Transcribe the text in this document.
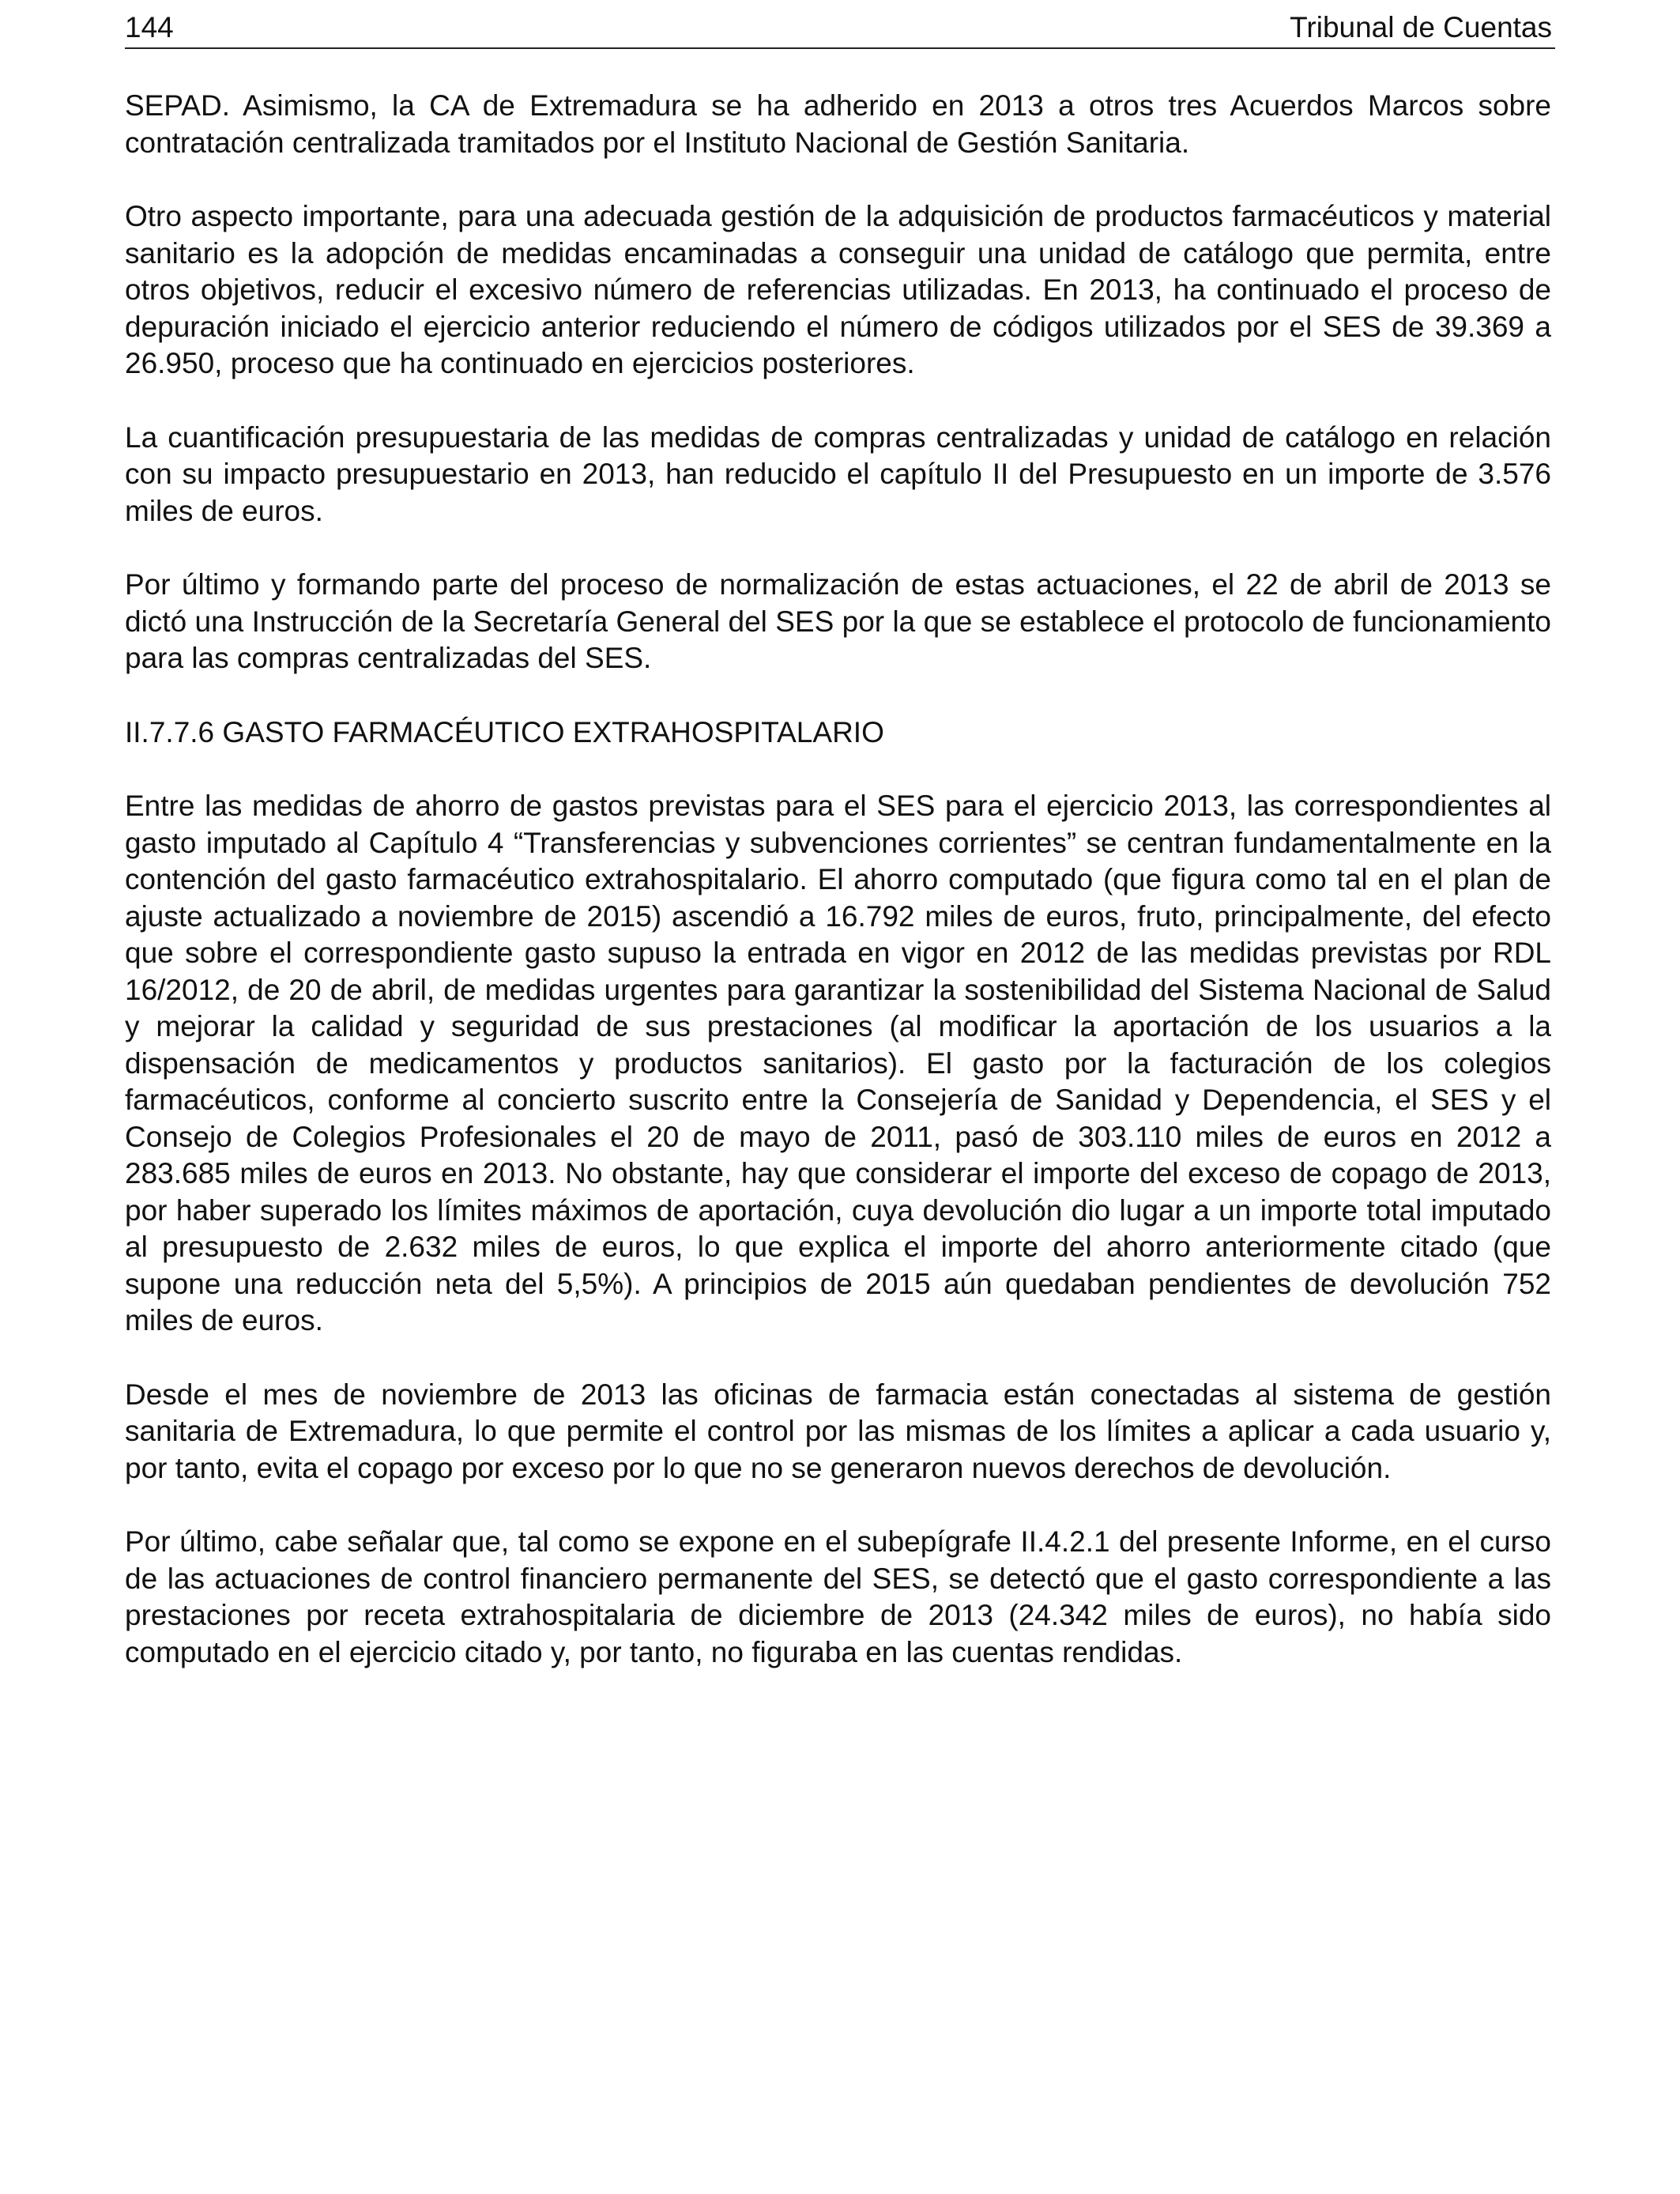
144	Tribunal de Cuentas

SEPAD. Asimismo, la CA de Extremadura se ha adherido en 2013 a otros tres Acuerdos Marcos sobre contratación centralizada tramitados por el Instituto Nacional de Gestión Sanitaria.

Otro aspecto importante, para una adecuada gestión de la adquisición de productos farmacéuticos y material sanitario es la adopción de medidas encaminadas a conseguir una unidad de catálogo que permita, entre otros objetivos, reducir el excesivo número de referencias utilizadas. En 2013, ha continuado el proceso de depuración iniciado el ejercicio anterior reduciendo el número de códigos utilizados por el SES de 39.369 a 26.950, proceso que ha continuado en ejercicios posteriores.

La cuantificación presupuestaria de las medidas de compras centralizadas y unidad de catálogo en relación con su impacto presupuestario en 2013, han reducido el capítulo II del Presupuesto en un importe de 3.576 miles de euros.

Por último y formando parte del proceso de normalización de estas actuaciones, el 22 de abril de 2013 se dictó una Instrucción de la Secretaría General del SES por la que se establece el protocolo de funcionamiento para las compras centralizadas del SES.

II.7.7.6 GASTO FARMACÉUTICO EXTRAHOSPITALARIO

Entre las medidas de ahorro de gastos previstas para el SES para el ejercicio 2013, las correspondientes al gasto imputado al Capítulo 4 “Transferencias y subvenciones corrientes” se centran fundamentalmente en la contención del gasto farmacéutico extrahospitalario. El ahorro computado (que figura como tal en el plan de ajuste actualizado a noviembre de 2015) ascendió a 16.792 miles de euros, fruto, principalmente, del efecto que sobre el correspondiente gasto supuso la entrada en vigor en 2012 de las medidas previstas por RDL 16/2012, de 20 de abril, de medidas urgentes para garantizar la sostenibilidad del Sistema Nacional de Salud y mejorar la calidad y seguridad de sus prestaciones (al modificar la aportación de los usuarios a la dispensación de medicamentos y productos sanitarios). El gasto por la facturación de los colegios farmacéuticos, conforme al concierto suscrito entre la Consejería de Sanidad y Dependencia, el SES y el Consejo de Colegios Profesionales el 20 de mayo de 2011, pasó de 303.110 miles de euros en 2012 a 283.685 miles de euros en 2013. No obstante, hay que considerar el importe del exceso de copago de 2013, por haber superado los límites máximos de aportación, cuya devolución dio lugar a un importe total imputado al presupuesto de 2.632 miles de euros, lo que explica el importe del ahorro anteriormente citado (que supone una reducción neta del 5,5%). A principios de 2015 aún quedaban pendientes de devolución 752 miles de euros.

Desde el mes de noviembre de 2013 las oficinas de farmacia están conectadas al sistema de gestión sanitaria de Extremadura, lo que permite el control por las mismas de los límites a aplicar a cada usuario y, por tanto, evita el copago por exceso por lo que no se generaron nuevos derechos de devolución.

Por último, cabe señalar que, tal como se expone en el subepígrafe II.4.2.1 del presente Informe, en el curso de las actuaciones de control financiero permanente del SES, se detectó que el gasto correspondiente a las prestaciones por receta extrahospitalaria de diciembre de 2013 (24.342 miles de euros), no había sido computado en el ejercicio citado y, por tanto, no figuraba en las cuentas rendidas.
